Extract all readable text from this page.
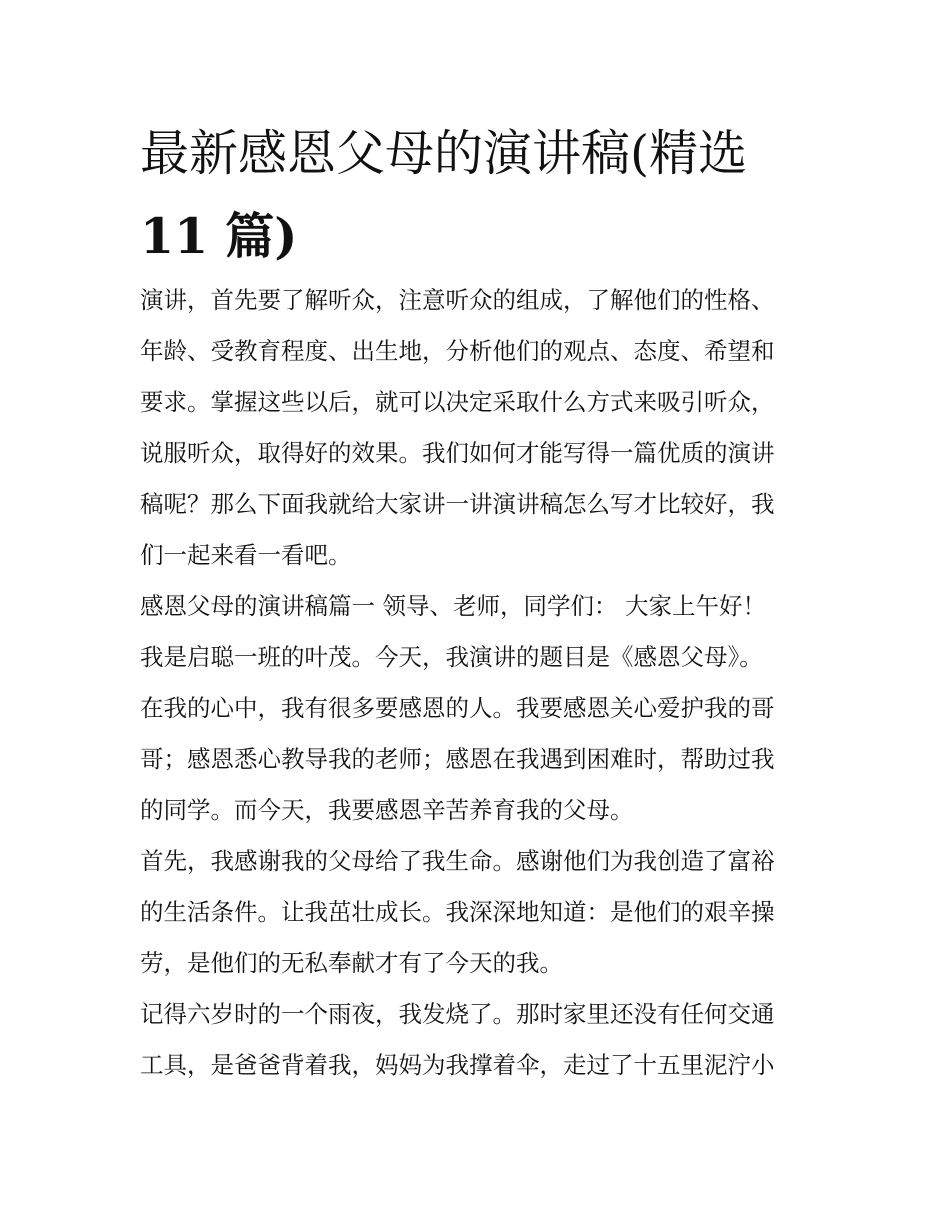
最新感恩父母的演讲稿(精选
11 篇)
演讲，首先要了解听众，注意听众的组成，了解他们的性格、
年龄、受教育程度、出生地，分析他们的观点、态度、希望和
要求。掌握这些以后，就可以决定采取什么方式来吸引听众，
说服听众，取得好的效果。我们如何才能写得一篇优质的演讲
稿呢？那么下面我就给大家讲一讲演讲稿怎么写才比较好，我
们一起来看一看吧。
感恩父母的演讲稿篇一 领导、老师，同学们： 大家上午好！
我是启聪一班的叶茂。今天，我演讲的题目是《感恩父母》。
在我的心中，我有很多要感恩的人。我要感恩关心爱护我的哥
哥；感恩悉心教导我的老师；感恩在我遇到困难时，帮助过我
的同学。而今天，我要感恩辛苦养育我的父母。
首先，我感谢我的父母给了我生命。感谢他们为我创造了富裕
的生活条件。让我茁壮成长。我深深地知道：是他们的艰辛操
劳，是他们的无私奉献才有了今天的我。
记得六岁时的一个雨夜，我发烧了。那时家里还没有任何交通
工具，是爸爸背着我，妈妈为我撑着伞，走过了十五里泥泞小
